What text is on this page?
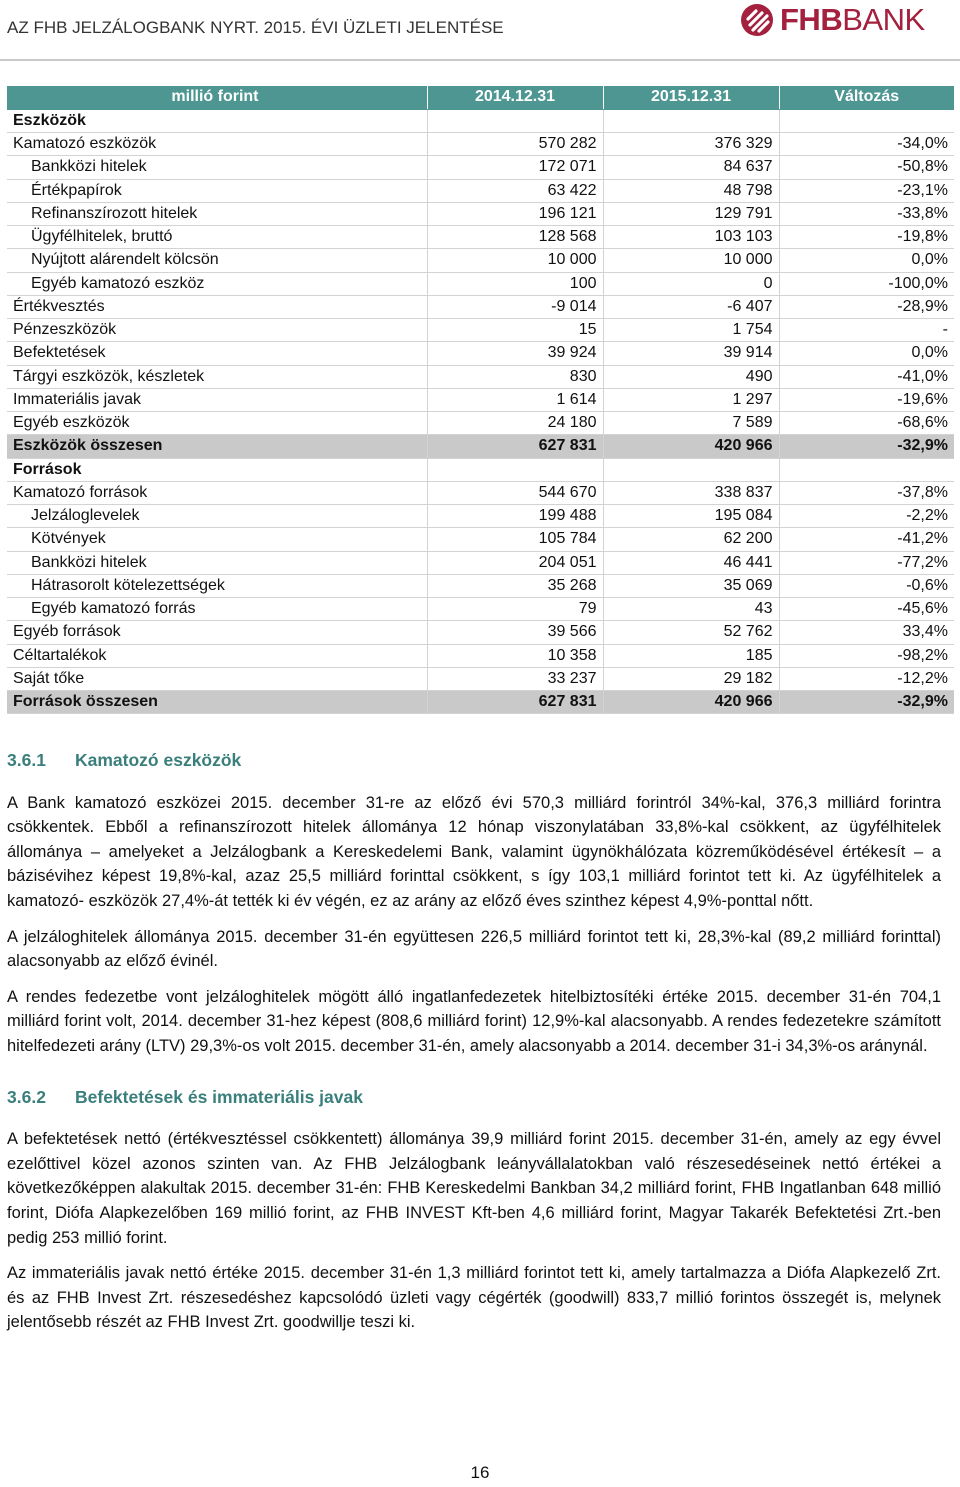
AZ FHB JELZÁLOGBANK NYRT. 2015. ÉVI ÜZLETI JELENTÉSE	FHBBANK
millió forint	2014.12.31	2015.12.31	Változás
Eszközök			
Kamatozó eszközök	570 282	376 329	-34,0%
Bankközi hitelek	172 071	84 637	-50,8%
Értékpapírok	63 422	48 798	-23,1%
Refinanszírozott hitelek	196 121	129 791	-33,8%
Ügyfélhitelek, bruttó	128 568	103 103	-19,8%
Nyújtott alárendelt kölcsön	10 000	10 000	0,0%
Egyéb kamatozó eszköz	100	0	-100,0%
Értékvesztés	-9 014	-6 407	-28,9%
Pénzeszközök	15	1 754	-
Befektetések	39 924	39 914	0,0%
Tárgyi eszközök, készletek	830	490	-41,0%
Immateriális javak	1 614	1 297	-19,6%
Egyéb eszközök	24 180	7 589	-68,6%
Eszközök összesen	627 831	420 966	-32,9%
Források			
Kamatozó források	544 670	338 837	-37,8%
Jelzáloglevelek	199 488	195 084	-2,2%
Kötvények	105 784	62 200	-41,2%
Bankközi hitelek	204 051	46 441	-77,2%
Hátrasorolt kötelezettségek	35 268	35 069	-0,6%
Egyéb kamatozó forrás	79	43	-45,6%
Egyéb források	39 566	52 762	33,4%
Céltartalékok	10 358	185	-98,2%
Saját tőke	33 237	29 182	-12,2%
Források összesen	627 831	420 966	-32,9%
3.6.1	Kamatozó eszközök

A Bank kamatozó eszközei 2015. december 31-re az előző évi 570,3 milliárd forintról 34%-kal, 376,3 milliárd forintra csökkentek. Ebből a refinanszírozott hitelek állománya 12 hónap viszonylatában 33,8%-kal csökkent, az ügyfélhitelek állománya – amelyeket a Jelzálogbank a Kereskedelemi Bank, valamint ügynökhálózata közreműködésével értékesít – a bázisévihez képest 19,8%-kal, azaz 25,5 milliárd forinttal csökkent, s így 103,1 milliárd forintot tett ki. Az ügyfélhitelek a kamatozó- eszközök 27,4%-át tették ki év végén, ez az arány az előző éves szinthez képest 4,9%-ponttal nőtt.

A jelzáloghitelek állománya 2015. december 31-én együttesen 226,5 milliárd forintot tett ki, 28,3%-kal (89,2 milliárd forinttal) alacsonyabb az előző évinél.

A rendes fedezetbe vont jelzáloghitelek mögött álló ingatlanfedezetek hitelbiztosítéki értéke 2015. december 31-én 704,1 milliárd forint volt, 2014. december 31-hez képest (808,6 milliárd forint) 12,9%-kal alacsonyabb. A rendes fedezetekre számított hitelfedezeti arány (LTV) 29,3%-os volt 2015. december 31-én, amely alacsonyabb a 2014. december 31-i 34,3%-os aránynál.

3.6.2	Befektetések és immateriális javak

A befektetések nettó (értékvesztéssel csökkentett) állománya 39,9 milliárd forint 2015. december 31-én, amely az egy évvel ezelőttivel közel azonos szinten van. Az FHB Jelzálogbank leányvállalatokban való részesedéseinek nettó értékei a következőképpen alakultak 2015. december 31-én: FHB Kereskedelmi Bankban 34,2 milliárd forint, FHB Ingatlanban 648 millió forint, Diófa Alapkezelőben 169 millió forint, az FHB INVEST Kft-ben 4,6 milliárd forint, Magyar Takarék Befektetési Zrt.-ben pedig 253 millió forint.

Az immateriális javak nettó értéke 2015. december 31-én 1,3 milliárd forintot tett ki, amely tartalmazza a Diófa Alapkezelő Zrt. és az FHB Invest Zrt. részesedéshez kapcsolódó üzleti vagy cégérték (goodwill) 833,7 millió forintos összegét is, melynek jelentősebb részét az FHB Invest Zrt. goodwillje teszi ki.

16
